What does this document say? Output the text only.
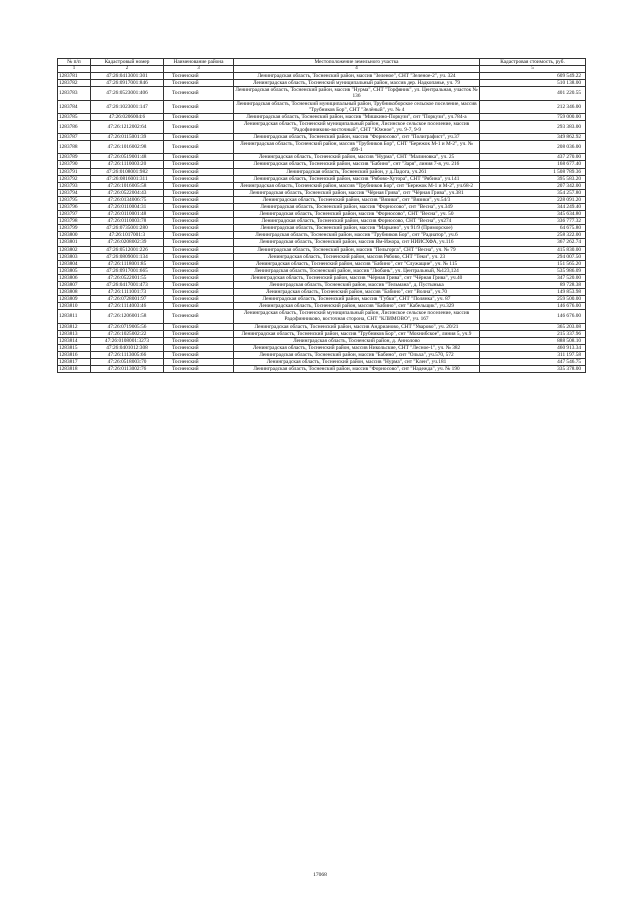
№ п/п	Кадастровый номер	Наименование района	Местоположение земельного участка	Кадастровая стоимость, руб.
1	2	3	4	5
1283781	47:26:0413001:301	Тосненский	Ленинградская область, Тосненский район, массив "Зеленое", СНТ "Зеленое-2", уч. 324	609 549.22
1283782	47:26:0917001:846	Тосненский	Ленинградская область, Тосненский муниципальный район, массив дер. Надкопанье, уч. 79	510 138.00
1283783	47:26:0523001:406	Тосненский	Ленинградская область, Тосненский район, массив "Нурма", СНТ "Торфяник", ул. Центральная, участок № 136	401 220.55
1283784	47:26:1023001:147	Тосненский	Ленинградская область, Тосненский муниципальный район, Трубникоборское сельское поселение, массив "Трубников Бор", СНТ "Зелёный", уч. № 4	212 346.00
1283785	47:26:0206004:6	Тосненский	Ленинградская область, Тосненский район, массив "Мишкино-Поркузи", снт "Поркузи", уч.784-а	759 000.00
1283786	47:26:1212002:64	Тосненский	Ленинградская область, Тосненский муниципальный район, Лисинское сельское поселение, массив "Радофинниково-восточный", СНТ "Южное", уч. 9-7, 9-9	293 383.00
1283787	47:26:0115001:39	Тосненский	Ленинградская область, Тосненский район, массив "Форносово", снт "Полиграфист", уч.37	349 862.92
1283788	47:26:1016002:98	Тосненский	Ленинградская область, Тосненский район, массив "Трубников Бор", СНТ "Бережок М-1 и М-2", уч. № 499-1	208 036.00
1283789	47:26:0519001:48	Тосненский	Ленинградская область, Тосненский район, массив "Нурма", СНТ "Малиновка", уч. 25	437 270.00
1283790	47:26:1110003:20	Тосненский	Ленинградская область, Тосненский район, массив "Бабино", снт "Заря", линия 7-я, уч. 216	168 677.40
1283791	47:26:0108001:982	Тосненский	Ленинградская область, Тосненский район, у д.Ладога, уч.261	1 508 789.36
1283792	47:26:0816001:311	Тосненский	Ленинградская область, Тосненский район, массив "Рябово-Хутора", СНТ "Рябина", уч.141	395 583.20
1283793	47:26:1016005:58	Тосненский	Ленинградская область, Тосненский район, массив "Трубников Бор", снт "Бережок М-1 и М-2", уч.68-2	207 342.00
1283794	47:26:0522004:43	Тосненский	Ленинградская область, Тосненский район, массив "Чёрная Грива", снт "Чёрная Грива", уч.381	354 257.80
1283795	47:26:0134006:75	Тосненский	Ленинградская область, Тосненский район, массив "Вязики", снт "Вязики", уч.54/3	228 091.20
1283796	47:26:0110004:31	Тосненский	Ленинградская область, Тосненский район, массив "Форносово", снт "Весна", уч.349	344 249.40
1283797	47:26:0110001:48	Тосненский	Ленинградская область, Тосненский район, массив "Форносово", СНТ "Весна", уч. 50	345 634.80
1283798	47:26:0110003:78	Тосненский	Ленинградская область, Тосненский район, массив Форносово, СНТ "Весна", уч274	336 777.32
1283799	47:26:0735001:280	Тосненский	Ленинградская область, Тосненский район, массив "Марьино", уч 91/9 (Приморское)	64 675.80
1283800	47:26:1017001:3	Тосненский	Ленинградская область, Тосненский район, массив "Трубников Бор", снт "Радиатор", уч.6	258 322.00
1283801	47:26:0208002:39	Тосненский	Ленинградская область, Тосненский район, массив Ям-Ижора, снт НИИСХФА, уч.116	367 262.74
1283802	47:26:0512001:226	Тосненский	Ленинградская область, Тосненский район, массив "Пельгорга", СНТ "Весна", уч. № 79	415 830.00
1283803	47:26:0809001:134	Тосненский	Ленинградская область, Тосненский район, массив Рябово, СНТ "Теки", уч. 23	294 007.50
1283804	47:26:1118001:85	Тосненский	Ленинградская область, Тосненский район, массив "Бабино", снт "Служащие", уч. № 115	151 565.20
1283805	47:26:0917001:665	Тосненский	Ленинградская область, Тосненский район, массив "Любань", уч. Центральный, №123,124	535 986.09
1283806	47:26:0522001:55	Тосненский	Ленинградская область, Тосненский район, массив "Чёрная Грива", снт "Чёрная Грива", уч.40	347 520.00
1283807	47:26:0417001:473	Тосненский	Ленинградская область, Тосненский район, массив "Тельмана", д. Пустынька	89 728.38
1283808	47:26:1111001:73	Тосненский	Ленинградская область, Тосненский район, массив "Бабино", снт "Волна", уч.70	149 853.98
1283809	47:26:0728001:97	Тосненский	Ленинградская область, Тосненский район, массив "Губки", СНТ "Полянка", уч. 87	259 500.00
1283810	47:26:1114003:46	Тосненский	Ленинградская область, Тосненский район, массив "Бабино", снт "Кабельщик", уч.329	146 676.00
1283811	47:26:1206001:58	Тосненский	Ленинградская область, Тосненский муниципальный район, Лисинское сельское поселение, массив Радофинниково, восточная сторона, СНТ "КЛИМОВО", уч. 167	146 676.00
1283812	47:26:0719005:56	Тосненский	Ленинградская область, Тосненский район, массив Андрианово, СНТ "Уварово", уч. 20/21	365 203.08
1283813	47:26:1025002:22	Тосненский	Ленинградская область, Тосненский район, массив "Трубников Бор", снт "Мохнибское", линия 5, уч.9	215 337.96
1283814	47:26:0108001:3273	Тосненский	Ленинградская область, Тосненский район, д. Аннолово	888 508.10
1283815	47:26:0401012:308	Тосненский	Ленинградская область, Тосненский район, массив Никольские, СНТ "Лесное-1", уч. № 382	460 913.34
1283816	47:26:1113005:66	Тосненский	Ленинградская область, Тосненский район, массив "Бабино", снт "Ольха", уч.570, 572	311 197.58
1283817	47:26:0518003:70	Тосненский	Ленинградская область, Тосненский район, массив "Нурма", снт "Клен", уч.181	447 546.75
1283818	47:26:0113002:76	Тосненский	Ленинградская область, Тосненский район, массив "Форносово", снт "Надежда", уч. № 190	335 378.00
17068
